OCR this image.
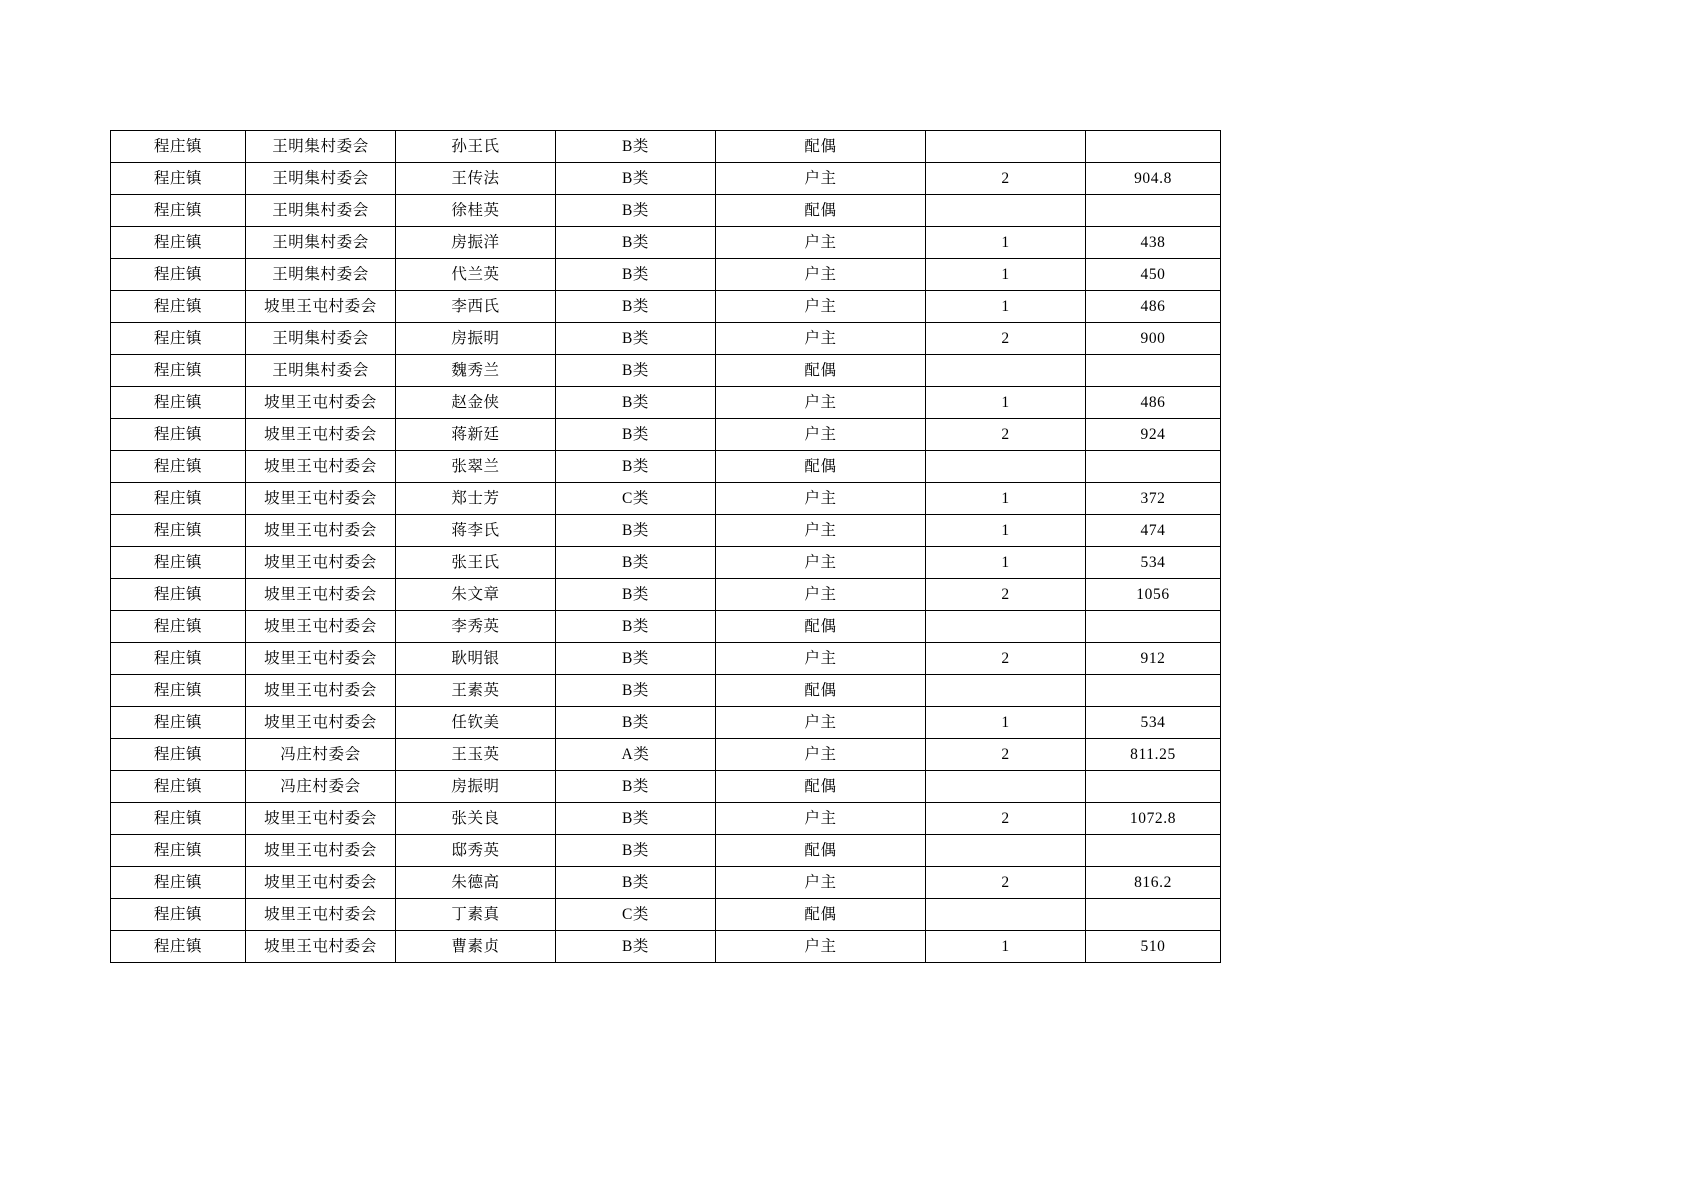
程庄镇	王明集村委会	孙王氏	B类	配偶		
程庄镇	王明集村委会	王传法	B类	户主	2	904.8
程庄镇	王明集村委会	徐桂英	B类	配偶		
程庄镇	王明集村委会	房振洋	B类	户主	1	438
程庄镇	王明集村委会	代兰英	B类	户主	1	450
程庄镇	坡里王屯村委会	李西氏	B类	户主	1	486
程庄镇	王明集村委会	房振明	B类	户主	2	900
程庄镇	王明集村委会	魏秀兰	B类	配偶		
程庄镇	坡里王屯村委会	赵金侠	B类	户主	1	486
程庄镇	坡里王屯村委会	蒋新廷	B类	户主	2	924
程庄镇	坡里王屯村委会	张翠兰	B类	配偶		
程庄镇	坡里王屯村委会	郑士芳	C类	户主	1	372
程庄镇	坡里王屯村委会	蒋李氏	B类	户主	1	474
程庄镇	坡里王屯村委会	张王氏	B类	户主	1	534
程庄镇	坡里王屯村委会	朱文章	B类	户主	2	1056
程庄镇	坡里王屯村委会	李秀英	B类	配偶		
程庄镇	坡里王屯村委会	耿明银	B类	户主	2	912
程庄镇	坡里王屯村委会	王素英	B类	配偶		
程庄镇	坡里王屯村委会	任钦美	B类	户主	1	534
程庄镇	冯庄村委会	王玉英	A类	户主	2	811.25
程庄镇	冯庄村委会	房振明	B类	配偶		
程庄镇	坡里王屯村委会	张关良	B类	户主	2	1072.8
程庄镇	坡里王屯村委会	邸秀英	B类	配偶		
程庄镇	坡里王屯村委会	朱德高	B类	户主	2	816.2
程庄镇	坡里王屯村委会	丁素真	C类	配偶		
程庄镇	坡里王屯村委会	曹素贞	B类	户主	1	510
